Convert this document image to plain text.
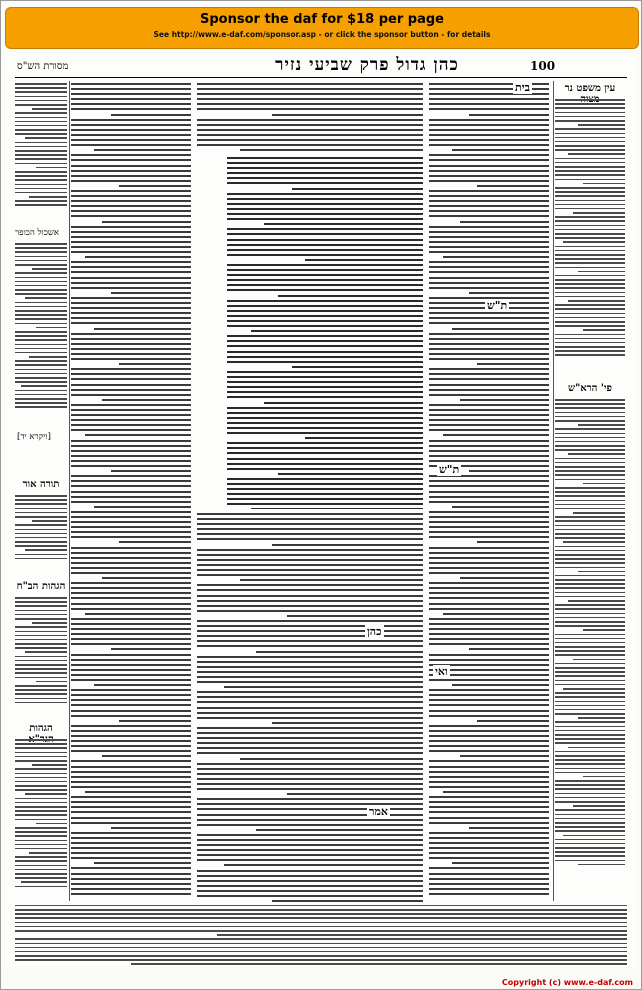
Sponsor the daf for $18 per page
See http://www.e-daf.com/sponsor.asp - or click the sponsor button - for details
100
כהן גדול פרק שביעי נזיר
מסורת הש"ס
עין משפט נר
פי' הרא"ש
בית
ת"ש
ת"ש
ואי
כהן
אמר
אשכול הכופר
[ויקרא יד]
תורה אור
הגהות הב"ח
הגהות
Copyright (c) www.e-daf.com
